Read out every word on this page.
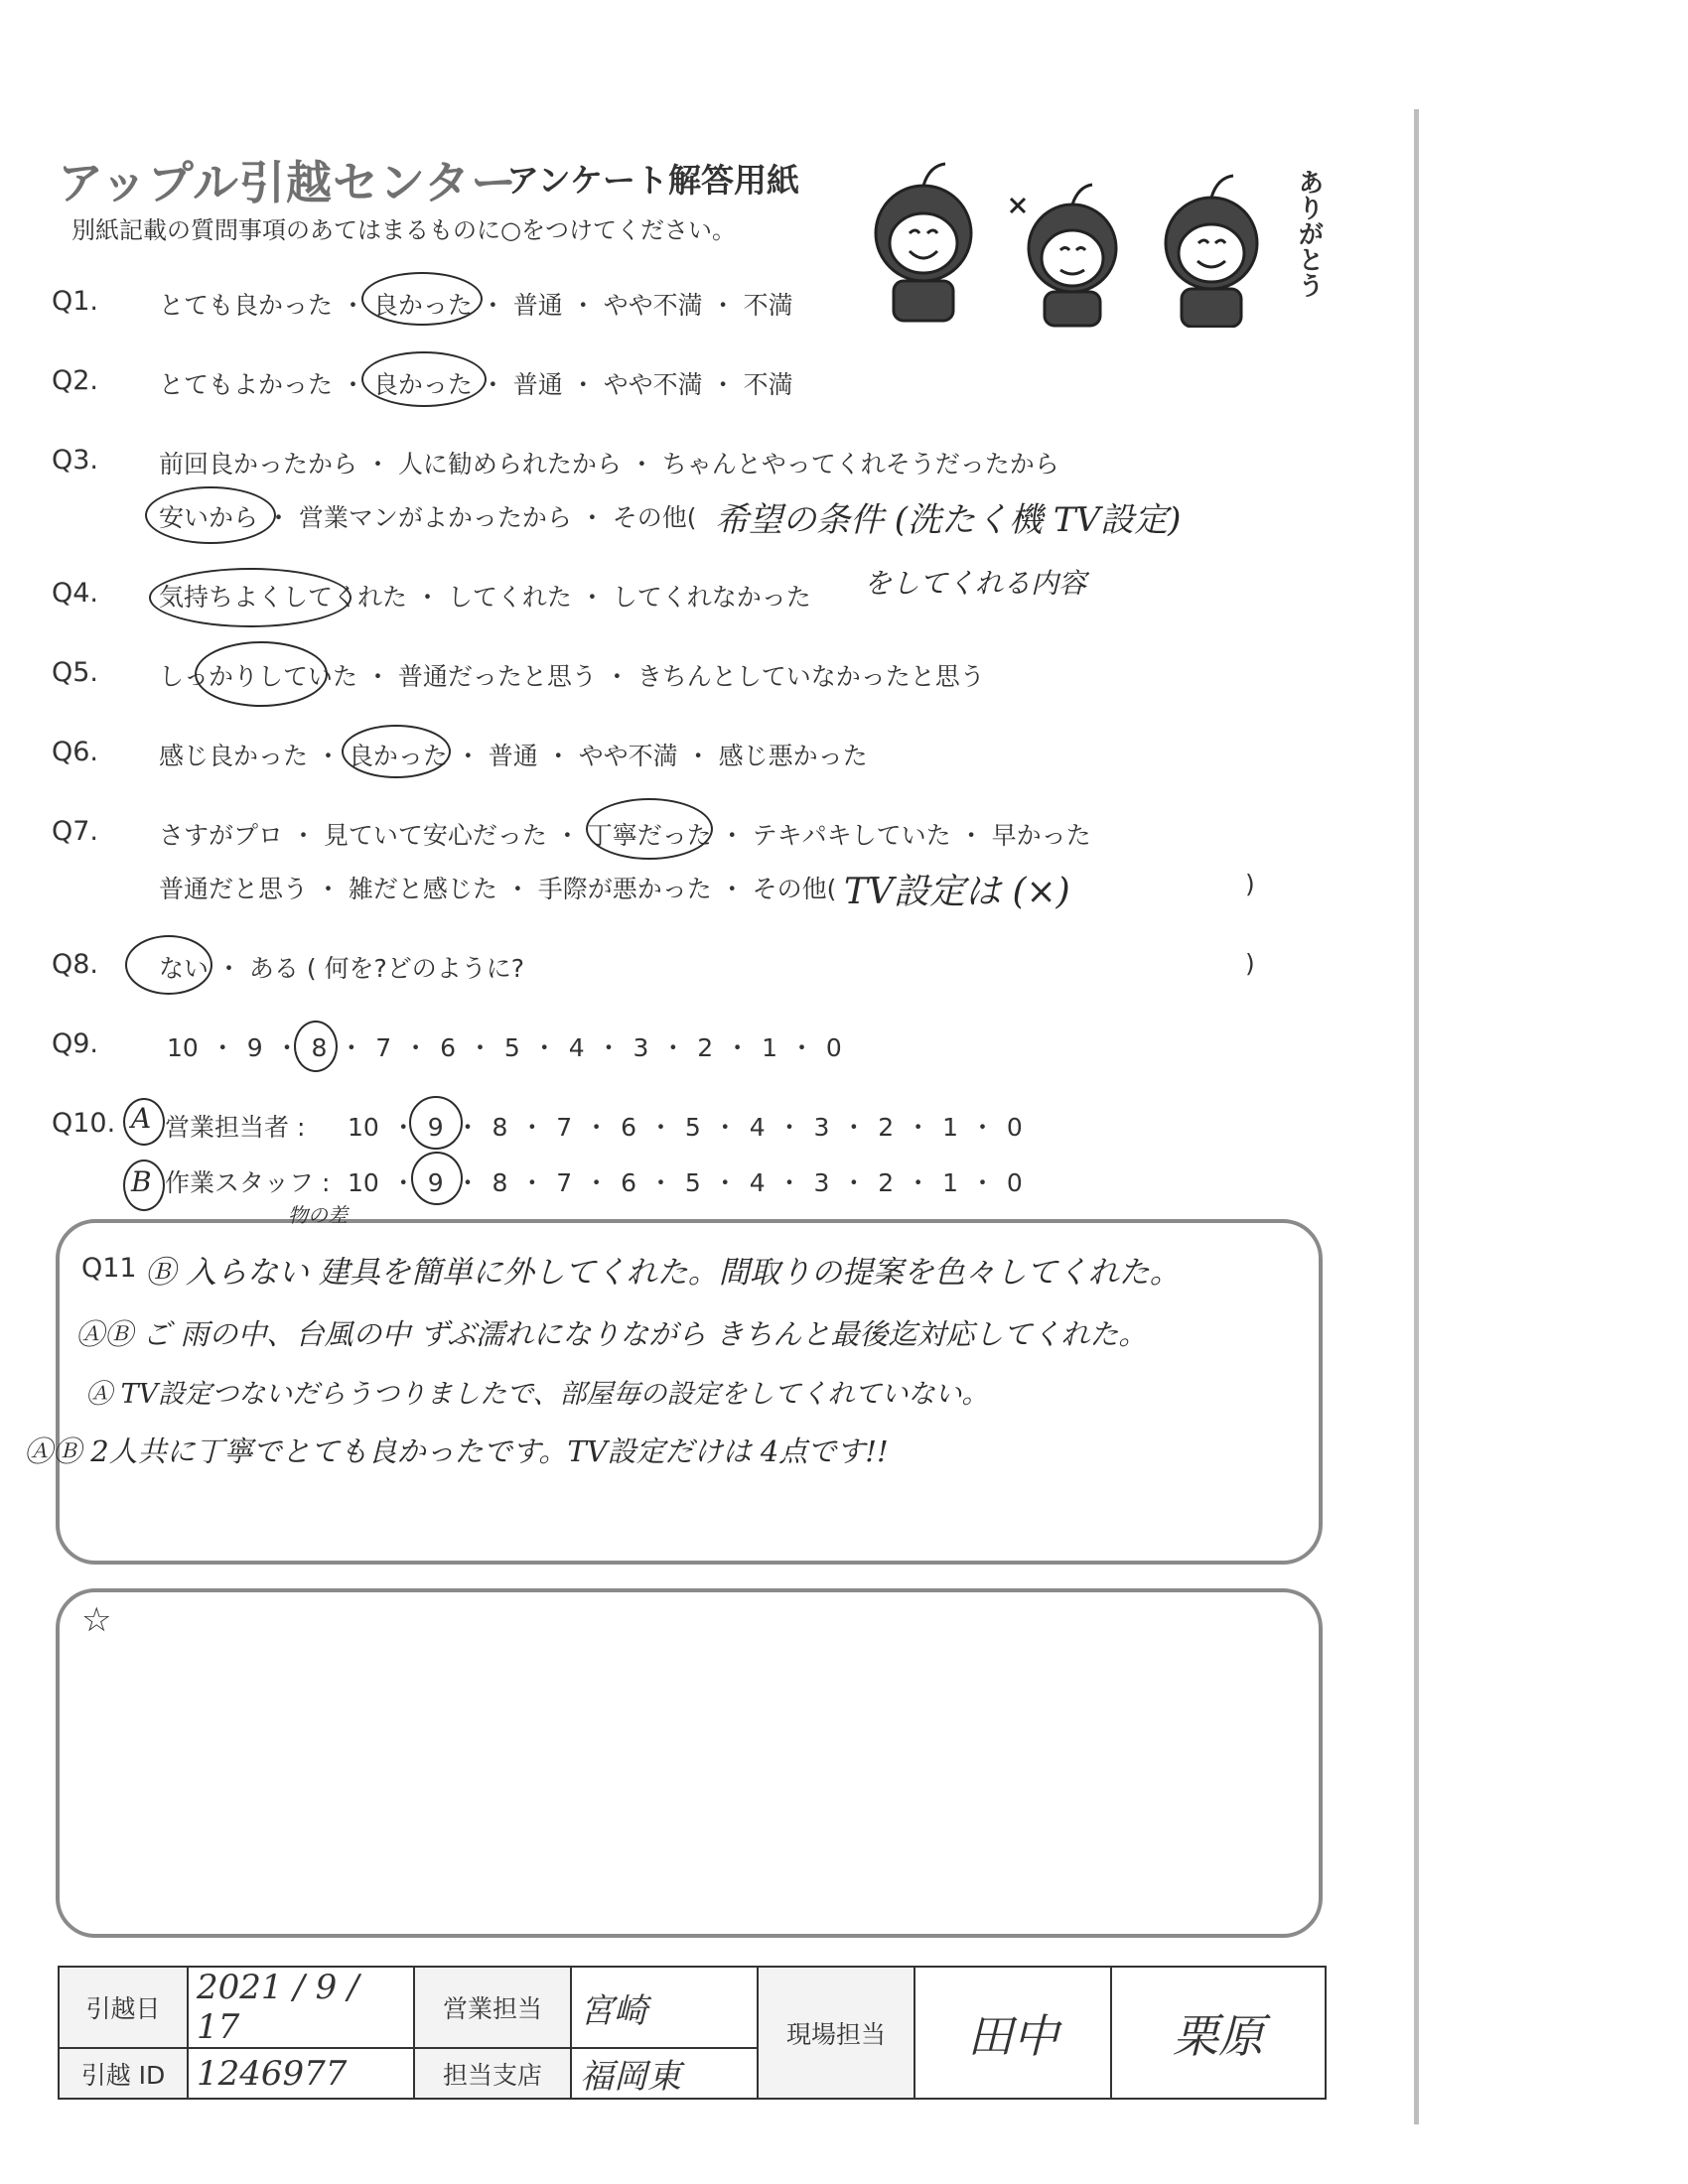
アップル引越センター
アンケート解答用紙
別紙記載の質問事項のあてはまるものに○をつけてください。	ありがとう
Q1. とても良かった ・ 良かった ・ 普通 ・ やや不満 ・ 不満
Q2. とてもよかった ・ 良かった ・ 普通 ・ やや不満 ・ 不満
Q3. 前回良かったから ・ 人に勧められたから ・ ちゃんとやってくれそうだったから
安いから ・ 営業マンがよかったから ・ その他( 希望の条件 (洗たく機 TV設定)
をしてくれる内容
Q4. 気持ちよくしてくれた ・ してくれた ・ してくれなかった
Q5. しっかりしていた ・ 普通だったと思う ・ きちんとしていなかったと思う
Q6. 感じ良かった ・ 良かった ・ 普通 ・ やや不満 ・ 感じ悪かった
Q7. さすがプロ ・ 見ていて安心だった ・ 丁寧だった ・ テキパキしていた ・ 早かった
普通だと思う ・ 雑だと感じた ・ 手際が悪かった ・ その他( TV設定は (×)	)
Q8. ない ・ ある ( 何を?どのように?	)
Q9.	10 ・ 9 ・ 8 ・ 7 ・ 6 ・ 5 ・ 4 ・ 3 ・ 2 ・ 1 ・ 0
Q10. A 営業担当者 : 10 ・ 9 ・ 8 ・ 7 ・ 6 ・ 5 ・ 4 ・ 3 ・ 2 ・ 1 ・ 0
B 作業スタッフ : 10 ・ 9 ・ 8 ・ 7 ・ 6 ・ 5 ・ 4 ・ 3 ・ 2 ・ 1 ・ 0
物の差
Q11 Ⓑ 入らない 建具を簡単に外してくれた。間取りの提案を色々してくれた。
ⒶⒷ ご 雨の中、台風の中 ずぶ濡れになりながら きちんと最後迄対応してくれた。
Ⓐ TV設定つないだらうつりましたで、部屋毎の設定をしてくれていない。
ⒶⒷ 2人共に丁寧でとても良かったです。TV設定だけは 4点です!!
☆
引越日	2021 / 9 / 17	営業担当	宮崎	現場担当	田中	栗原
引越 ID	1246977	担当支店	福岡東			
